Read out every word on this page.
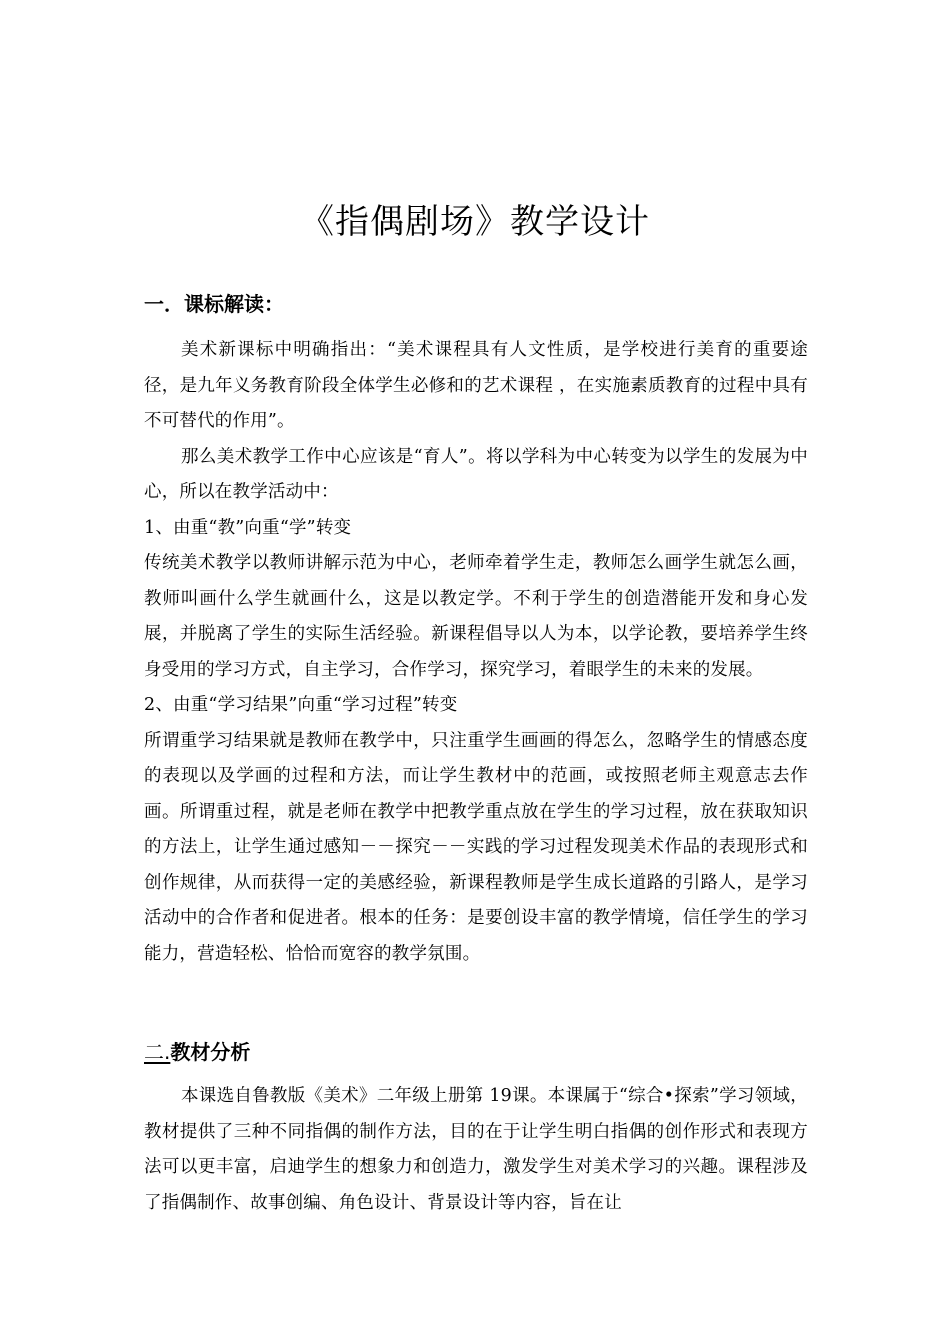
《指偶剧场》教学设计
一．课标解读：

美术新课标中明确指出：“美术课程具有人文性质，是学校进行美育的重要途径，是九年义务教育阶段全体学生必修和的艺术课程 ，在实施素质教育的过程中具有不可替代的作用”。

那么美术教学工作中心应该是“育人”。将以学科为中心转变为以学生的发展为中心，所以在教学活动中：

1、由重“教”向重“学”转变

传统美术教学以教师讲解示范为中心，老师牵着学生走，教师怎么画学生就怎么画，教师叫画什么学生就画什么，这是以教定学。不利于学生的创造潜能开发和身心发展，并脱离了学生的实际生活经验。新课程倡导以人为本，以学论教，要培养学生终身受用的学习方式，自主学习，合作学习，探究学习，着眼学生的未来的发展。

2、由重“学习结果”向重“学习过程”转变

所谓重学习结果就是教师在教学中，只注重学生画画的得怎么，忽略学生的情感态度的表现以及学画的过程和方法，而让学生教材中的范画，或按照老师主观意志去作画。所谓重过程，就是老师在教学中把教学重点放在学生的学习过程，放在获取知识的方法上，让学生通过感知－－探究－－实践的学习过程发现美术作品的表现形式和创作规律，从而获得一定的美感经验，新课程教师是学生成长道路的引路人，是学习活动中的合作者和促进者。根本的任务：是要创设丰富的教学情境，信任学生的学习能力，营造轻松、恰恰而宽容的教学氛围。

二.教材分析

本课选自鲁教版《美术》二年级上册第 19课。本课属于“综合•探索”学习领域，教材提供了三种不同指偶的制作方法，目的在于让学生明白指偶的创作形式和表现方法可以更丰富，启迪学生的想象力和创造力，激发学生对美术学习的兴趣。课程涉及了指偶制作、故事创编、角色设计、背景设计等内容，旨在让
